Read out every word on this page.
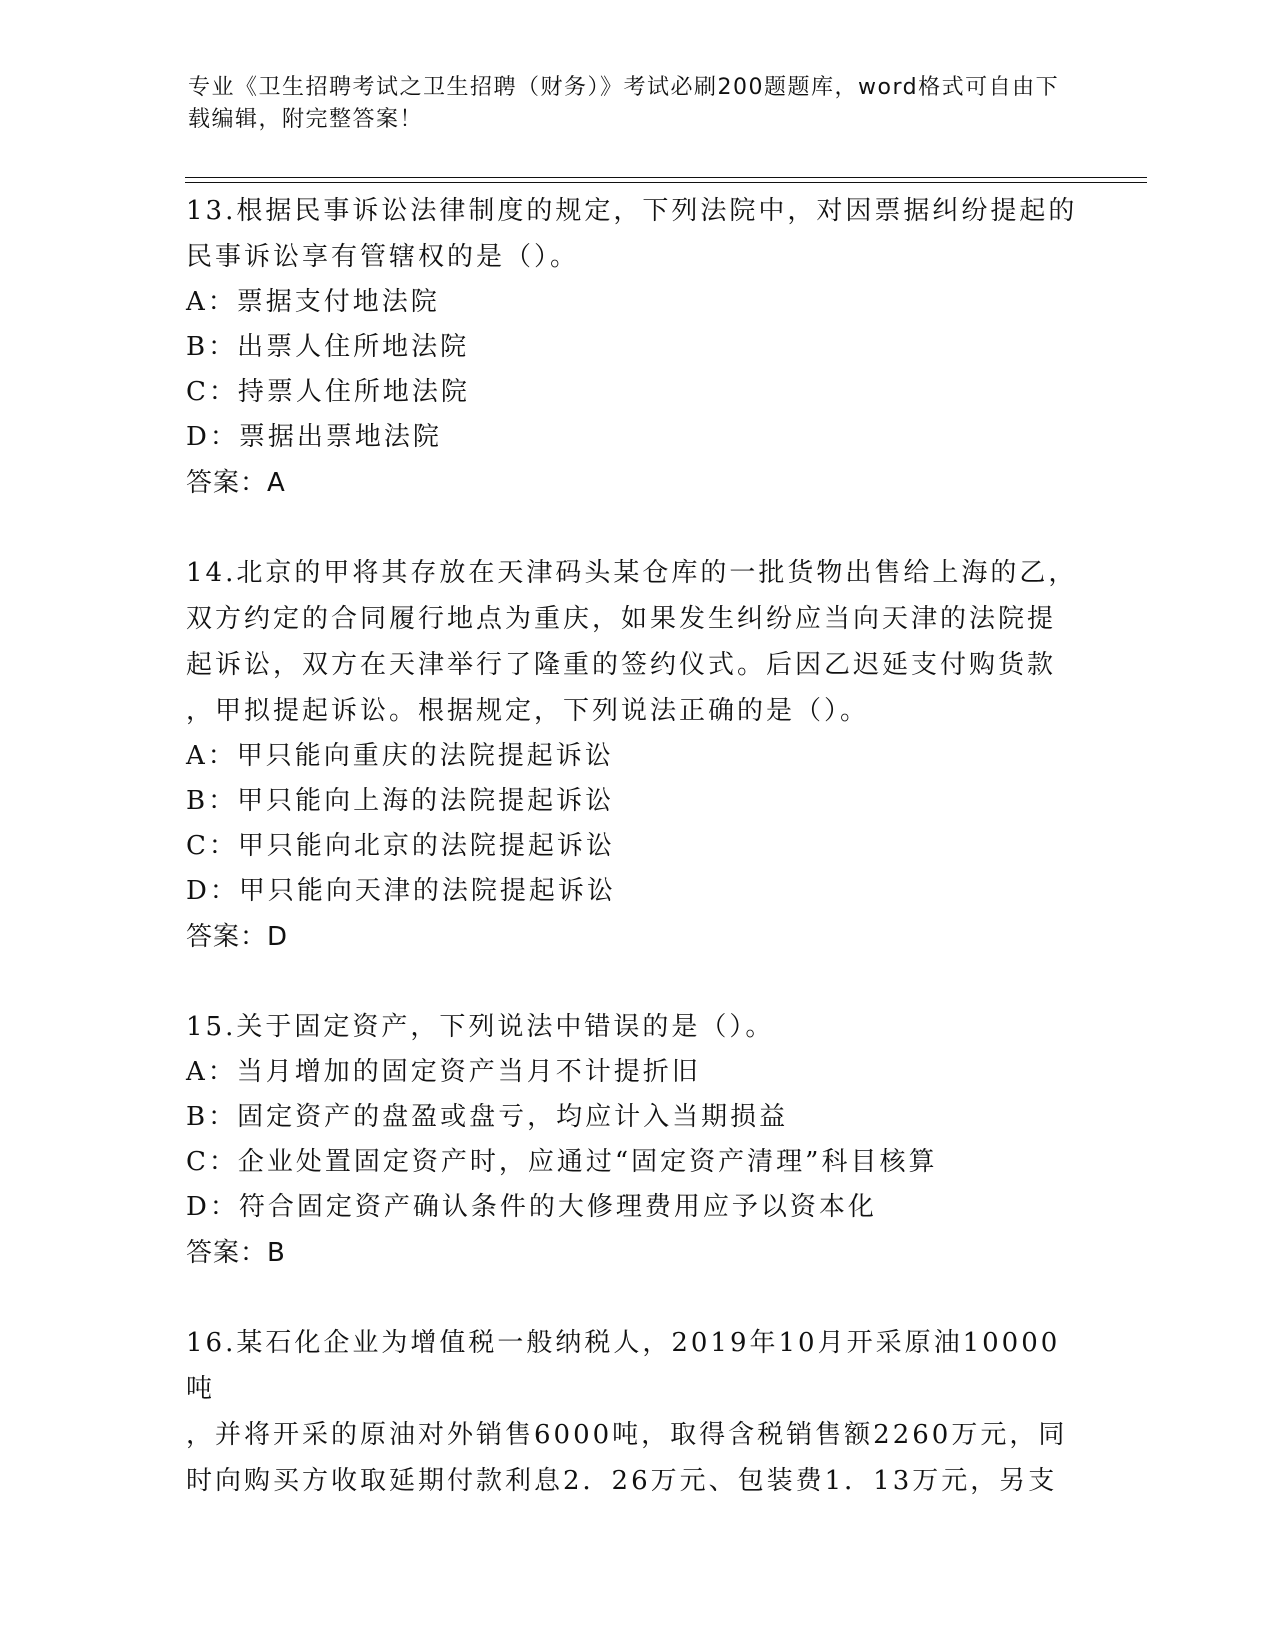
专业《卫生招聘考试之卫生招聘（财务）》考试必刷200题题库，word格式可自由下载编辑，附完整答案！

13.根据民事诉讼法律制度的规定，下列法院中，对因票据纠纷提起的

民事诉讼享有管辖权的是（）。

A：票据支付地法院

B：出票人住所地法院

C：持票人住所地法院

D：票据出票地法院

答案：A

14.北京的甲将其存放在天津码头某仓库的一批货物出售给上海的乙，

双方约定的合同履行地点为重庆，如果发生纠纷应当向天津的法院提

起诉讼，双方在天津举行了隆重的签约仪式。后因乙迟延支付购货款

，甲拟提起诉讼。根据规定，下列说法正确的是（）。

A：甲只能向重庆的法院提起诉讼

B：甲只能向上海的法院提起诉讼

C：甲只能向北京的法院提起诉讼

D：甲只能向天津的法院提起诉讼

答案：D

15.关于固定资产，下列说法中错误的是（）。

A：当月增加的固定资产当月不计提折旧

B：固定资产的盘盈或盘亏，均应计入当期损益

C：企业处置固定资产时，应通过“固定资产清理”科目核算

D：符合固定资产确认条件的大修理费用应予以资本化

答案：B

16.某石化企业为增值税一般纳税人，2019年10月开采原油10000吨

，并将开采的原油对外销售6000吨，取得含税销售额2260万元，同

时向购买方收取延期付款利息2．26万元、包装费1．13万元，另支
